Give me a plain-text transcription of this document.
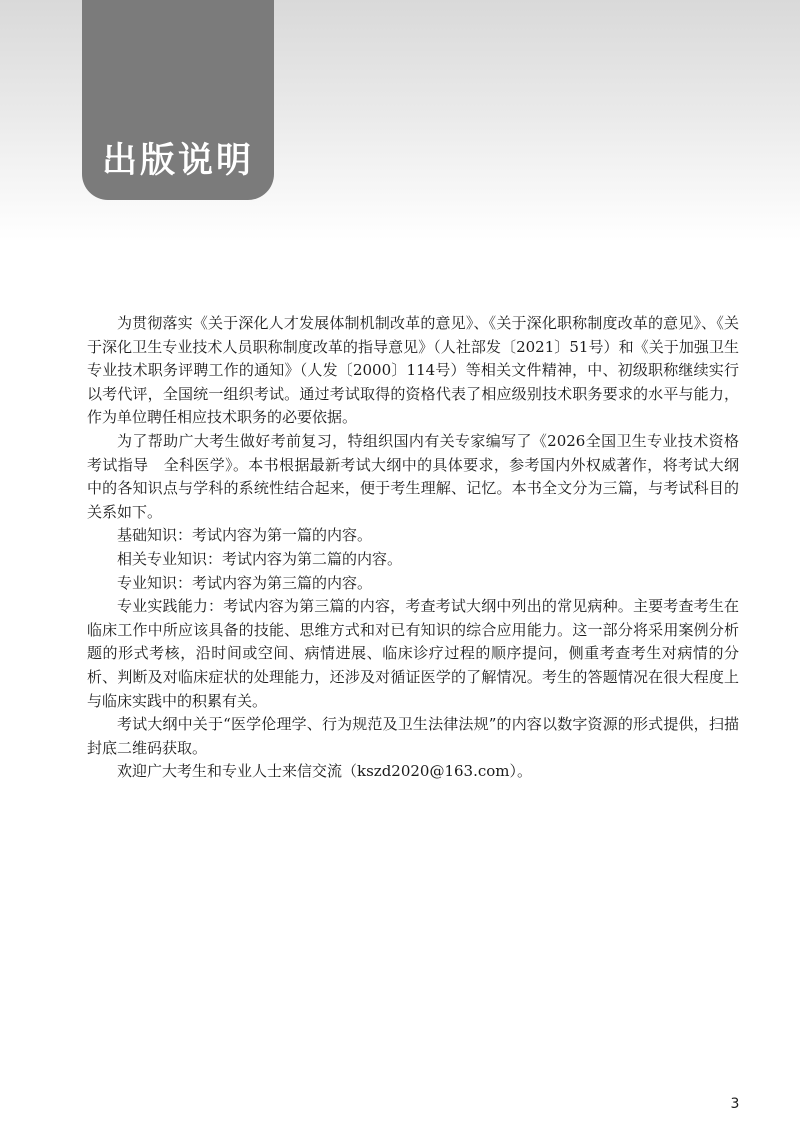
出版说明

为贯彻落实《关于深化人才发展体制机制改革的意见》、《关于深化职称制度改革的意见》、《关于深化卫生专业技术人员职称制度改革的指导意见》（人社部发〔2021〕51号）和《关于加强卫生专业技术职务评聘工作的通知》（人发〔2000〕114号）等相关文件精神，中、初级职称继续实行以考代评，全国统一组织考试。通过考试取得的资格代表了相应级别技术职务要求的水平与能力，作为单位聘任相应技术职务的必要依据。

为了帮助广大考生做好考前复习，特组织国内有关专家编写了《2026全国卫生专业技术资格考试指导　全科医学》。本书根据最新考试大纲中的具体要求，参考国内外权威著作，将考试大纲中的各知识点与学科的系统性结合起来，便于考生理解、记忆。本书全文分为三篇，与考试科目的关系如下。

基础知识：考试内容为第一篇的内容。

相关专业知识：考试内容为第二篇的内容。

专业知识：考试内容为第三篇的内容。

专业实践能力：考试内容为第三篇的内容，考查考试大纲中列出的常见病种。主要考查考生在临床工作中所应该具备的技能、思维方式和对已有知识的综合应用能力。这一部分将采用案例分析题的形式考核，沿时间或空间、病情进展、临床诊疗过程的顺序提问，侧重考查考生对病情的分析、判断及对临床症状的处理能力，还涉及对循证医学的了解情况。考生的答题情况在很大程度上与临床实践中的积累有关。

考试大纲中关于“医学伦理学、行为规范及卫生法律法规”的内容以数字资源的形式提供，扫描封底二维码获取。

欢迎广大考生和专业人士来信交流（kszd2020@163.com）。

3
